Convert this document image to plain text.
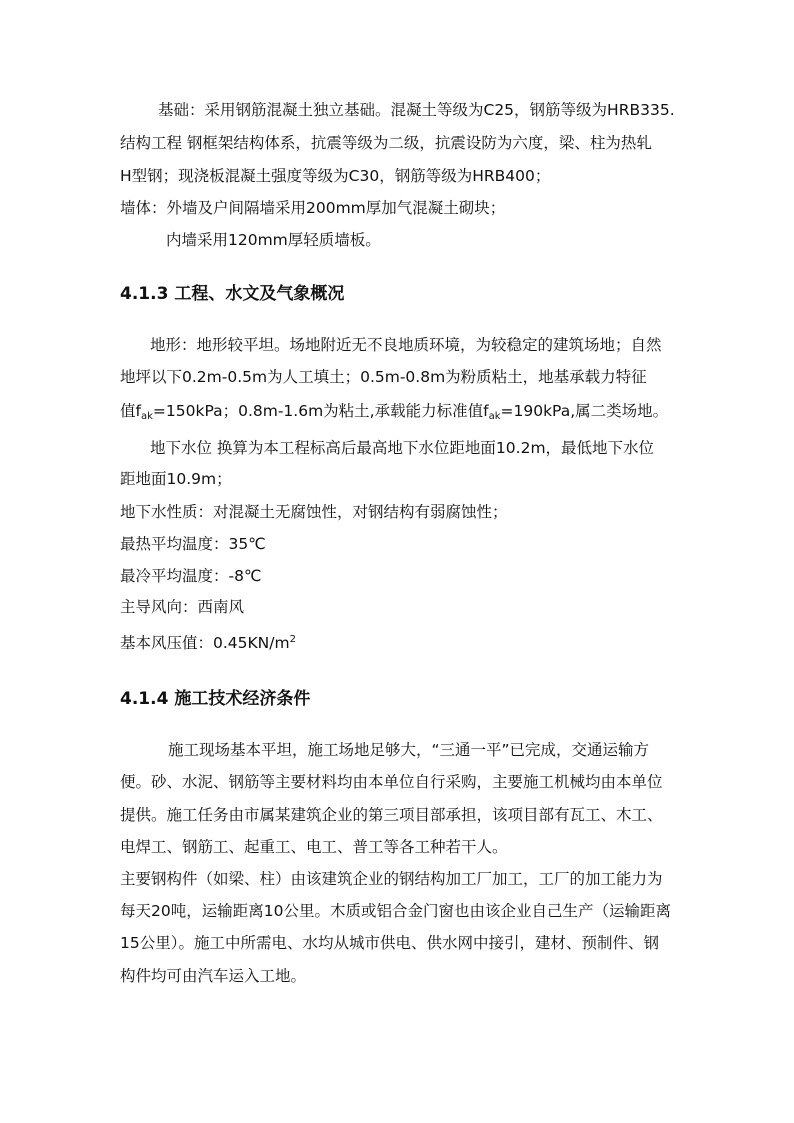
基础：采用钢筋混凝土独立基础。混凝土等级为C25，钢筋等级为HRB335.
结构工程 钢框架结构体系，抗震等级为二级，抗震设防为六度，梁、柱为热轧
H型钢；现浇板混凝土强度等级为C30，钢筋等级为HRB400；
墙体：外墙及户间隔墙采用200mm厚加气混凝土砌块；
内墙采用120mm厚轻质墙板。
4.1.3 工程、水文及气象概况
地形：地形较平坦。场地附近无不良地质环境，为较稳定的建筑场地；自然
地坪以下0.2m-0.5m为人工填土；0.5m-0.8m为粉质粘土，地基承载力特征
值$f_{ak}=150kPa$；0.8m-1.6m为粘土,承载能力标准值$f_{ak}=190kPa$,属二类场地。
地下水位 换算为本工程标高后最高地下水位距地面10.2m，最低地下水位
距地面10.9m；
地下水性质：对混凝土无腐蚀性，对钢结构有弱腐蚀性；
最热平均温度：35℃
最冷平均温度：-8℃
主导风向：西南风
基本风压值：$0.45KN/m^2$
4.1.4 施工技术经济条件
施工现场基本平坦，施工场地足够大，“三通一平”已完成，交通运输方
便。砂、水泥、钢筋等主要材料均由本单位自行采购，主要施工机械均由本单位
提供。施工任务由市属某建筑企业的第三项目部承担，该项目部有瓦工、木工、
电焊工、钢筋工、起重工、电工、普工等各工种若干人。
主要钢构件（如梁、柱）由该建筑企业的钢结构加工厂加工，工厂的加工能力为
每天20吨，运输距离10公里。木质或铝合金门窗也由该企业自己生产（运输距离
15公里）。施工中所需电、水均从城市供电、供水网中接引，建材、预制件、钢
构件均可由汽车运入工地。
